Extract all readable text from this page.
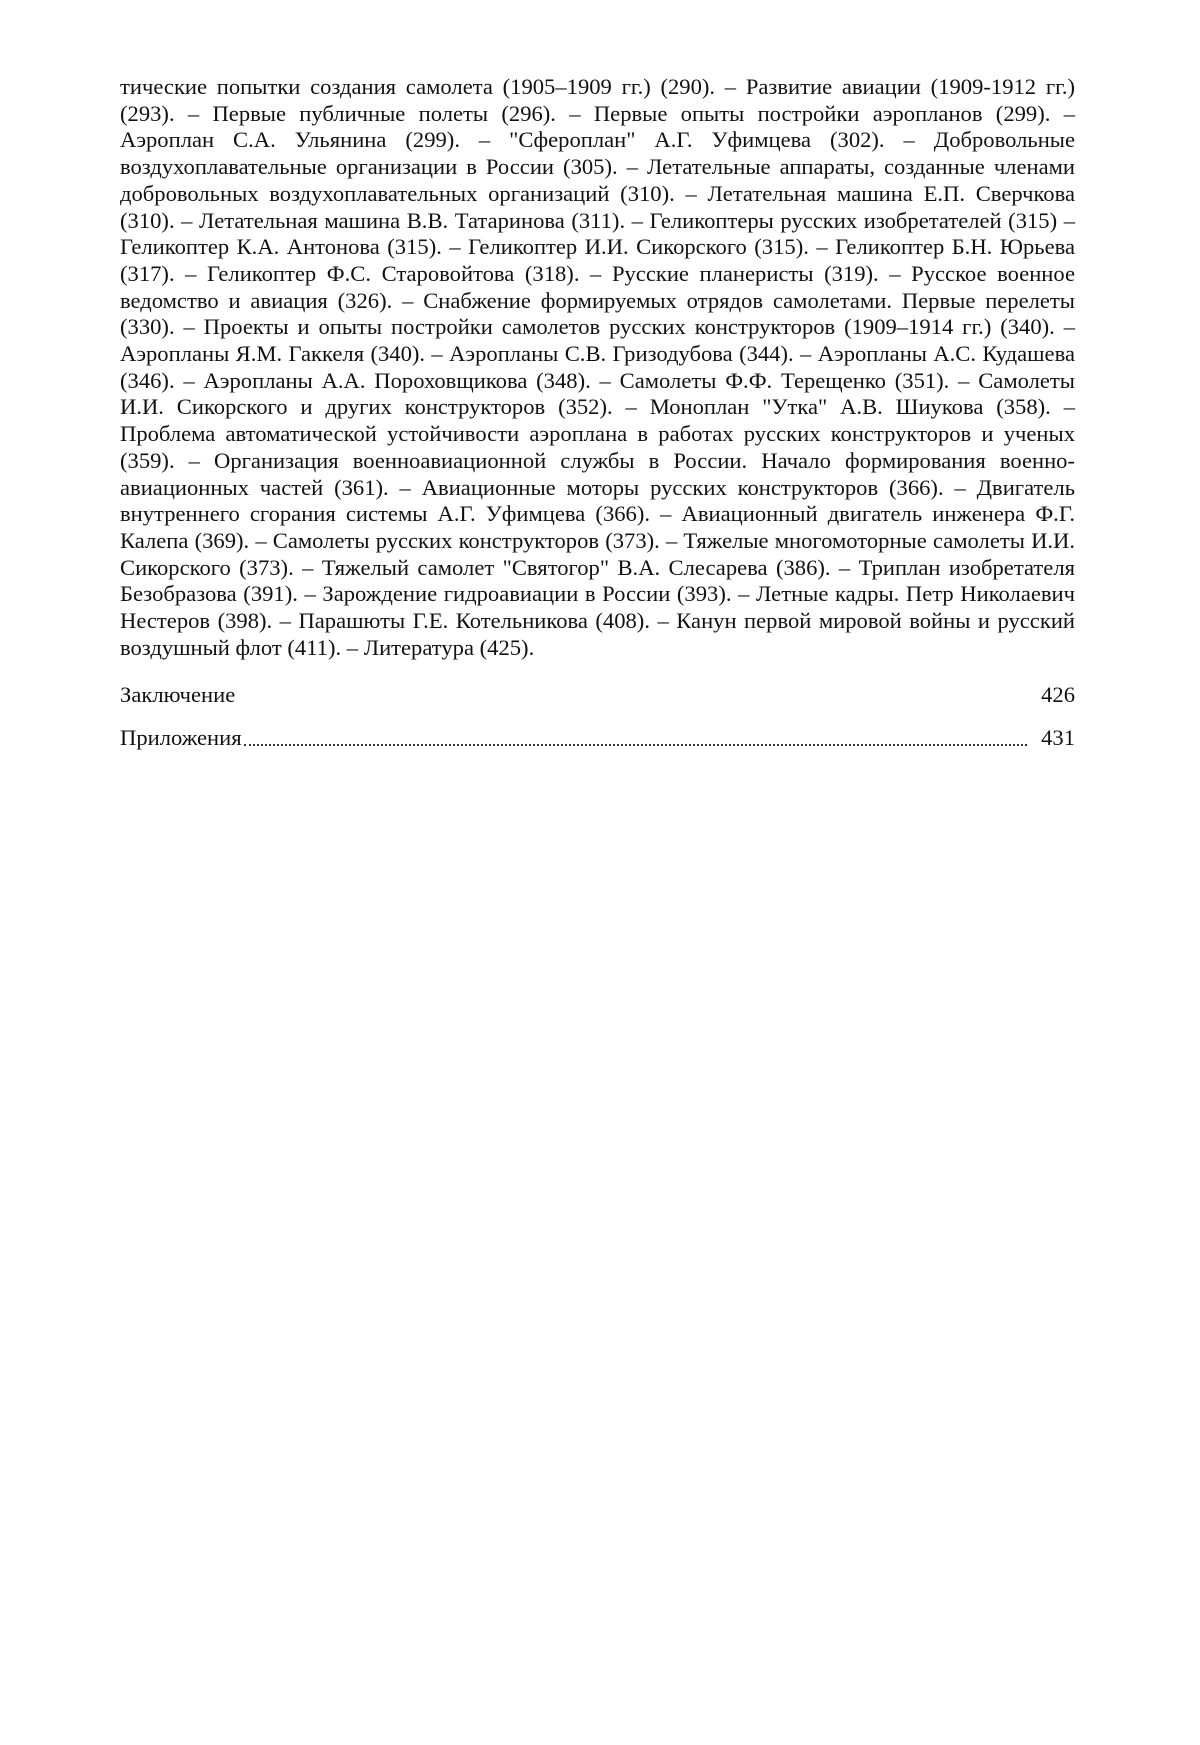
тические попытки создания самолета (1905–1909 гг.) (290). – Развитие авиации (1909-1912 гг.) (293). – Первые публичные полеты (296). – Первые опыты постройки аэропланов (299). – Аэроплан С.А. Ульянина (299). – "Сфероплан" А.Г. Уфимцева (302). – Добровольные воздухоплавательные организации в России (305). – Летательные аппараты, созданные членами добровольных воздухоплавательных организаций (310). – Летательная машина Е.П. Сверчкова (310). – Летательная машина В.В. Татаринова (311). – Геликоптеры русских изобретателей (315) – Геликоптер К.А. Антонова (315). – Геликоптер И.И. Сикорского (315). – Геликоптер Б.Н. Юрьева (317). – Геликоптер Ф.С. Старовойтова (318). – Русские планеристы (319). – Русское военное ведомство и авиация (326). – Снабжение формируемых отрядов самолетами. Первые перелеты (330). – Проекты и опыты постройки самолетов русских конструкторов (1909–1914 гг.) (340). – Аэропланы Я.М. Гаккеля (340). – Аэропланы С.В. Гризодубова (344). – Аэропланы А.С. Кудашева (346). – Аэропланы А.А. Пороховщикова (348). – Самолеты Ф.Ф. Терещенко (351). – Самолеты И.И. Сикорского и других конструкторов (352). – Моноплан "Утка" А.В. Шиукова (358). – Проблема автоматической устойчивости аэроплана в работах русских конструкторов и ученых (359). – Организация военноавиационной службы в России. Начало формирования военно-авиационных частей (361). – Авиационные моторы русских конструкторов (366). – Двигатель внутреннего сгорания системы А.Г. Уфимцева (366). – Авиационный двигатель инженера Ф.Г. Калепа (369). – Самолеты русских конструкторов (373). – Тяжелые многомоторные самолеты И.И. Сикорского (373). – Тяжелый самолет "Святогор" В.А. Слесарева (386). – Триплан изобретателя Безобразова (391). – Зарождение гидроавиации в России (393). – Летные кадры. Петр Николаевич Нестеров (398). – Парашюты Г.Е. Котельникова (408). – Канун первой мировой войны и русский воздушный флот (411). – Литература (425).

Заключение	426
Приложения	431
